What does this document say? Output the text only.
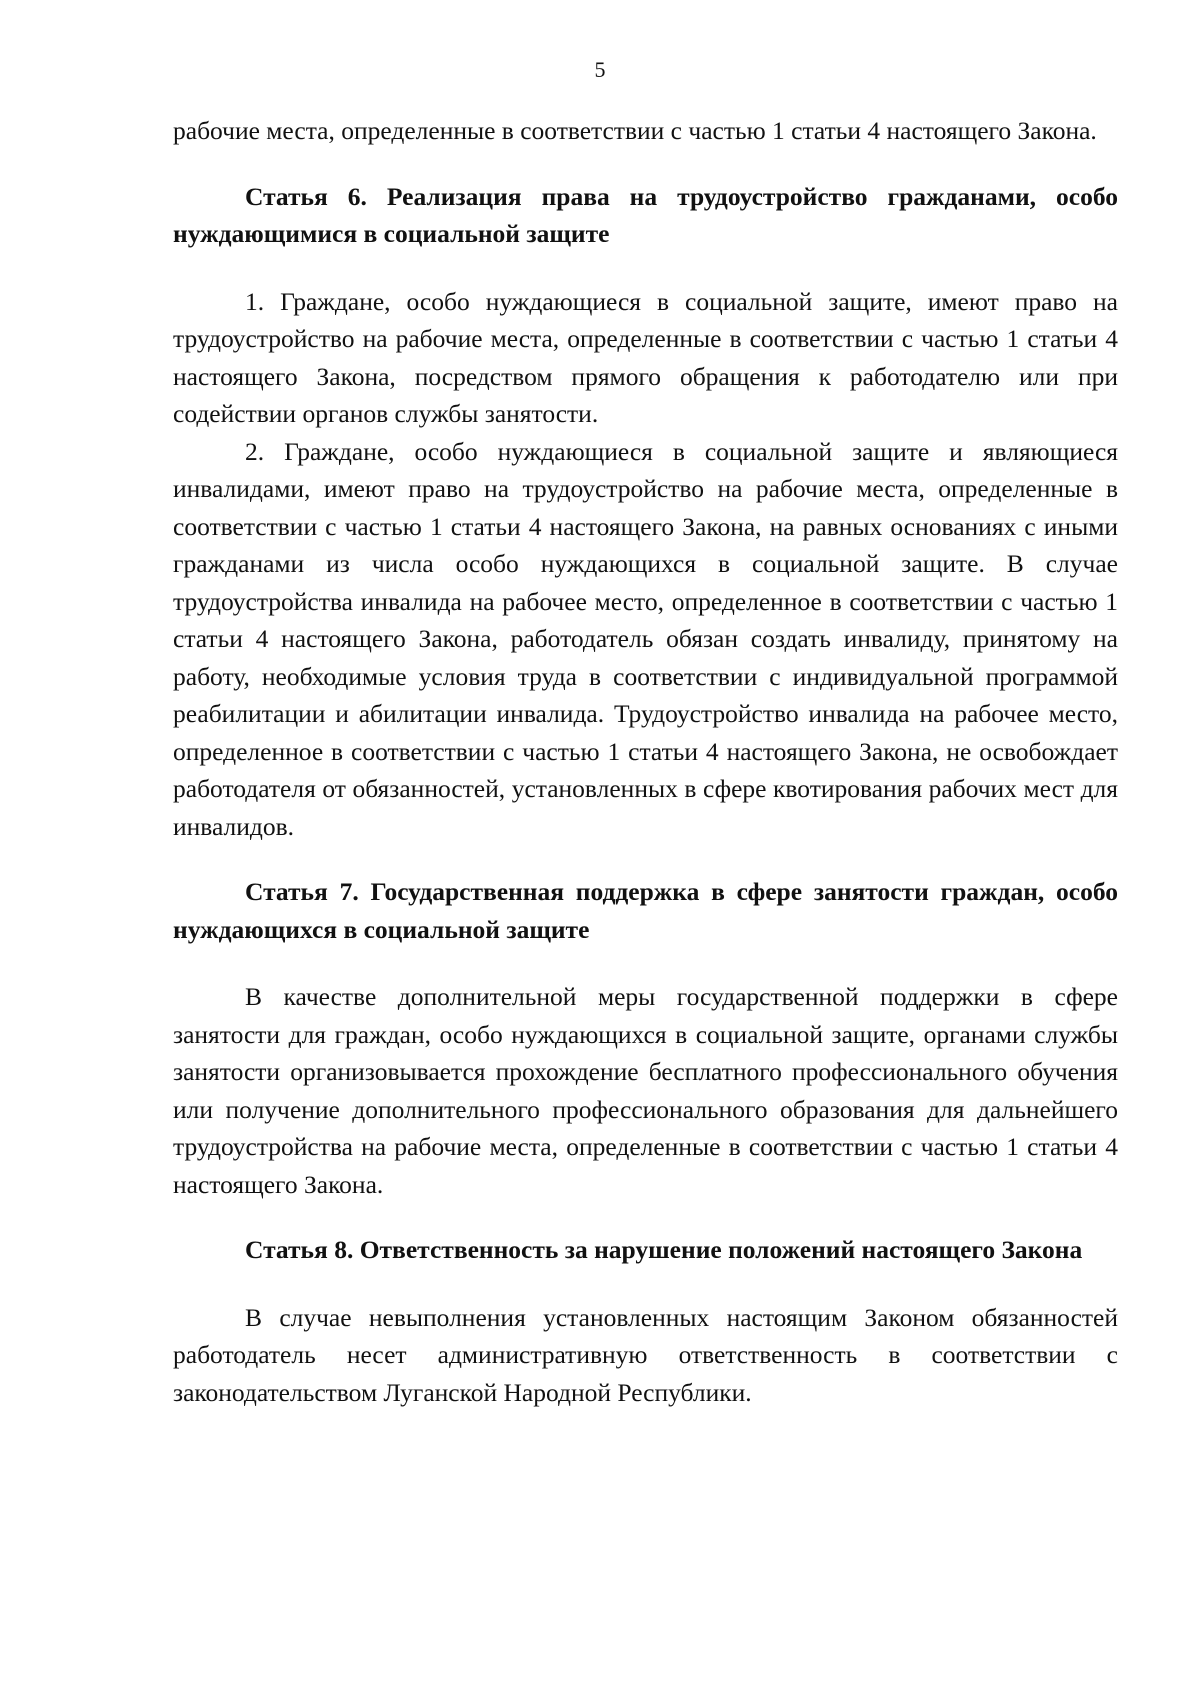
5

рабочие места, определенные в соответствии с частью 1 статьи 4 настоящего Закона.

Статья 6. Реализация права на трудоустройство гражданами, особо нуждающимися в социальной защите

1. Граждане, особо нуждающиеся в социальной защите, имеют право на трудоустройство на рабочие места, определенные в соответствии с частью 1 статьи 4 настоящего Закона, посредством прямого обращения к работодателю или при содействии органов службы занятости.

2. Граждане, особо нуждающиеся в социальной защите и являющиеся инвалидами, имеют право на трудоустройство на рабочие места, определенные в соответствии с частью 1 статьи 4 настоящего Закона, на равных основаниях с иными гражданами из числа особо нуждающихся в социальной защите. В случае трудоустройства инвалида на рабочее место, определенное в соответствии с частью 1 статьи 4 настоящего Закона, работодатель обязан создать инвалиду, принятому на работу, необходимые условия труда в соответствии с индивидуальной программой реабилитации и абилитации инвалида. Трудоустройство инвалида на рабочее место, определенное в соответствии с частью 1 статьи 4 настоящего Закона, не освобождает работодателя от обязанностей, установленных в сфере квотирования рабочих мест для инвалидов.

Статья 7. Государственная поддержка в сфере занятости граждан, особо нуждающихся в социальной защите

В качестве дополнительной меры государственной поддержки в сфере занятости для граждан, особо нуждающихся в социальной защите, органами службы занятости организовывается прохождение бесплатного профессионального обучения или получение дополнительного профессионального образования для дальнейшего трудоустройства на рабочие места, определенные в соответствии с частью 1 статьи 4 настоящего Закона.

Статья 8. Ответственность за нарушение положений настоящего Закона

В случае невыполнения установленных настоящим Законом обязанностей работодатель несет административную ответственность в соответствии с законодательством Луганской Народной Республики.
